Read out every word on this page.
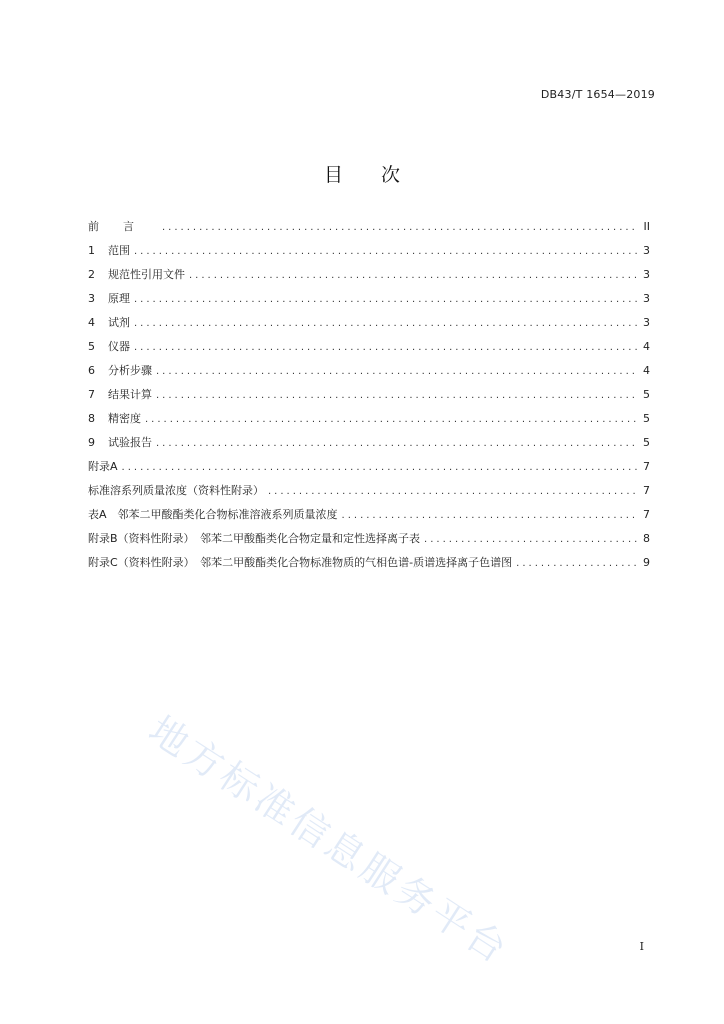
DB43/T 1654—2019
目次
前言 .....	II
1	范围 .....	3
2	规范性引用文件 .....	3
3	原理 .....	3
4	试剂 .....	3
5	仪器 .....	4
6	分析步骤 .....	4
7	结果计算 .....	5
8	精密度 .....	5
9	试验报告 .....	5
附录A .....	7
标准溶系列质量浓度（资料性附录） .....	7
表A　邻苯二甲酸酯类化合物标准溶液系列质量浓度 .....	7
附录B（资料性附录）　邻苯二甲酸酯类化合物定量和定性选择离子表 .....	8
附录C（资料性附录）　邻苯二甲酸酯类化合物标准物质的气相色谱-质谱选择离子色谱图 .....	9
I
地方标准信息服务平台
